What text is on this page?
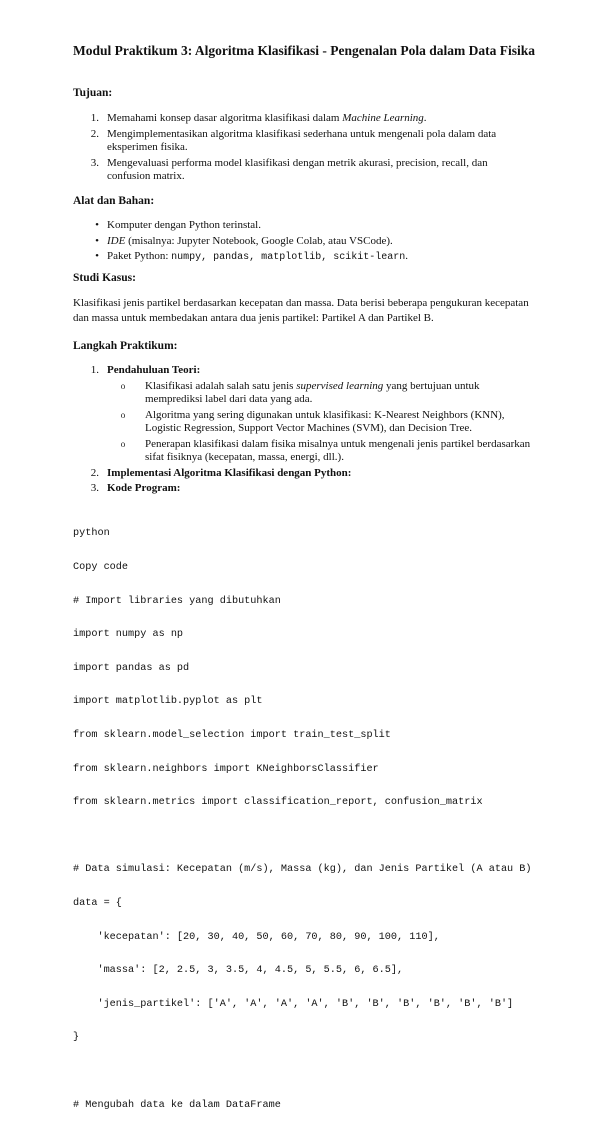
Modul Praktikum 3: Algoritma Klasifikasi - Pengenalan Pola dalam Data Fisika
Tujuan:
1. Memahami konsep dasar algoritma klasifikasi dalam Machine Learning.
2. Mengimplementasikan algoritma klasifikasi sederhana untuk mengenali pola dalam data eksperimen fisika.
3. Mengevaluasi performa model klasifikasi dengan metrik akurasi, precision, recall, dan confusion matrix.
Alat dan Bahan:
• Komputer dengan Python terinstal.
• IDE (misalnya: Jupyter Notebook, Google Colab, atau VSCode).
• Paket Python: numpy, pandas, matplotlib, scikit-learn.
Studi Kasus:
Klasifikasi jenis partikel berdasarkan kecepatan dan massa. Data berisi beberapa pengukuran kecepatan dan massa untuk membedakan antara dua jenis partikel: Partikel A dan Partikel B.
Langkah Praktikum:
1. Pendahuluan Teori:
o	Klasifikasi adalah salah satu jenis supervised learning yang bertujuan untuk memprediksi label dari data yang ada.
o	Algoritma yang sering digunakan untuk klasifikasi: K-Nearest Neighbors (KNN), Logistic Regression, Support Vector Machines (SVM), dan Decision Tree.
o	Penerapan klasifikasi dalam fisika misalnya untuk mengenali jenis partikel berdasarkan sifat fisiknya (kecepatan, massa, energi, dll.).
2. Implementasi Algoritma Klasifikasi dengan Python:
3. Kode Program:

python

Copy code

# Import libraries yang dibutuhkan

import numpy as np

import pandas as pd

import matplotlib.pyplot as plt

from sklearn.model_selection import train_test_split

from sklearn.neighbors import KNeighborsClassifier

from sklearn.metrics import classification_report, confusion_matrix

# Data simulasi: Kecepatan (m/s), Massa (kg), dan Jenis Partikel (A atau B)

data = {

'kecepatan': [20, 30, 40, 50, 60, 70, 80, 90, 100, 110],

'massa': [2, 2.5, 3, 3.5, 4, 4.5, 5, 5.5, 6, 6.5],

'jenis_partikel': ['A', 'A', 'A', 'A', 'B', 'B', 'B', 'B', 'B', 'B']

}

# Mengubah data ke dalam DataFrame
